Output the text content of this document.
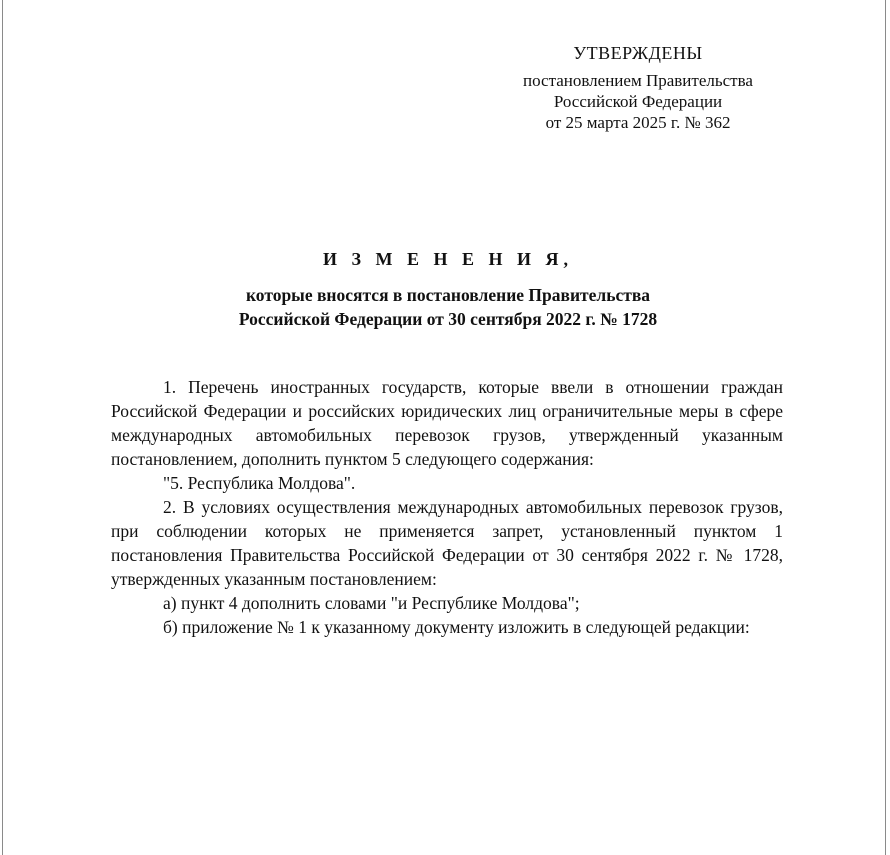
УТВЕРЖДЕНЫ
постановлением Правительства
Российской Федерации
от 25 марта 2025 г. № 362
И З М Е Н Е Н И Я,
которые вносятся в постановление Правительства
Российской Федерации от 30 сентября 2022 г. № 1728

1. Перечень иностранных государств, которые ввели в отношении граждан Российской Федерации и российских юридических лиц ограничительные меры в сфере международных автомобильных перевозок грузов, утвержденный указанным постановлением, дополнить пунктом 5 следующего содержания:

"5. Республика Молдова".

2. В условиях осуществления международных автомобильных перевозок грузов, при соблюдении которых не применяется запрет, установленный пунктом 1 постановления Правительства Российской Федерации от 30 сентября 2022 г. № 1728, утвержденных указанным постановлением:

а) пункт 4 дополнить словами "и Республике Молдова";

б) приложение № 1 к указанному документу изложить в следующей редакции:
